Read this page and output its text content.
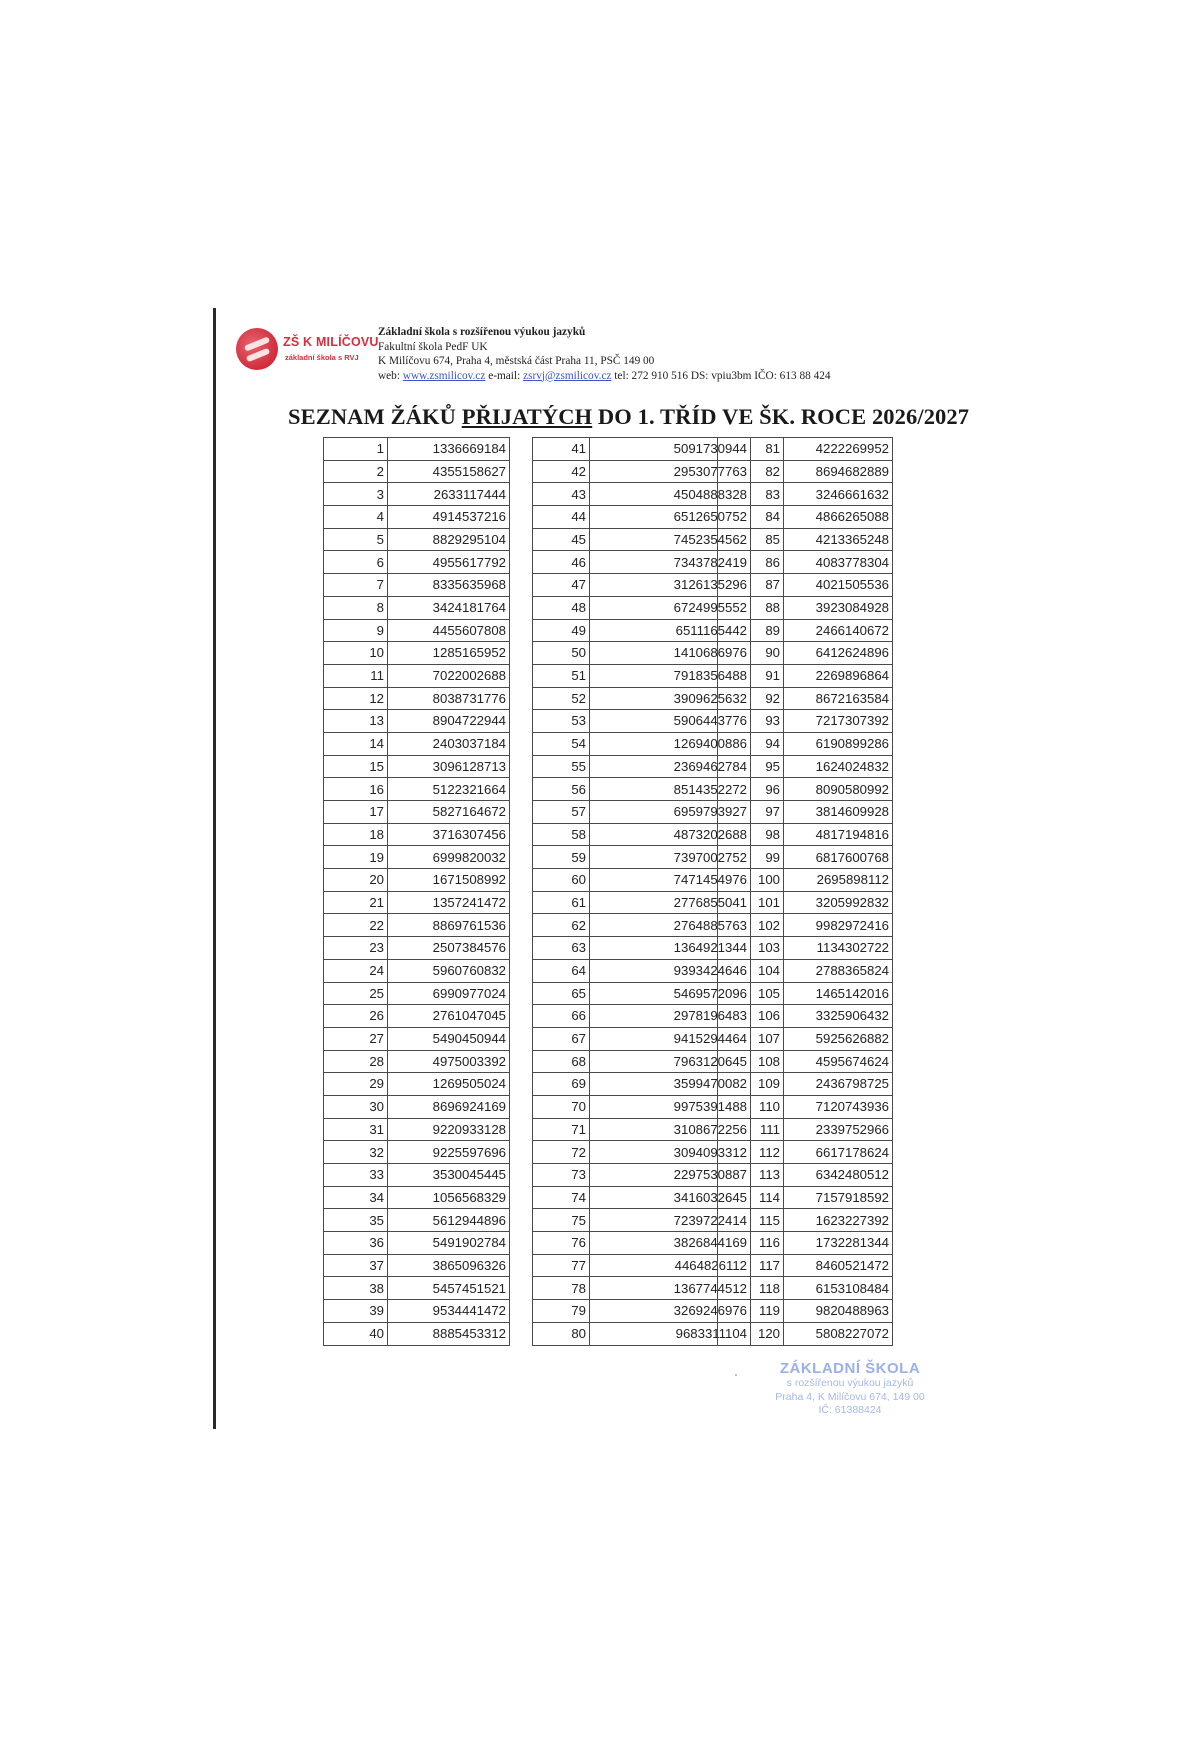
ZŠ K MILÍČOVU
základní škola s RVJ
Základní škola s rozšířenou výukou jazyků
Fakultní škola PedF UK
K Milíčovu 674, Praha 4, městská část Praha 11, PSČ 149 00
web: www.zsmilicov.cz e-mail: zsrvj@zsmilicov.cz tel: 272 910 516 DS: vpiu3bm IČO: 613 88 424
SEZNAM ŽÁKŮ PŘIJATÝCH DO 1. TŘÍD VE ŠK. ROCE 2026/2027
1	1336669184
2	4355158627
3	2633117444
4	4914537216
5	8829295104
6	4955617792
7	8335635968
8	3424181764
9	4455607808
10	1285165952
11	7022002688
12	8038731776
13	8904722944
14	2403037184
15	3096128713
16	5122321664
17	5827164672
18	3716307456
19	6999820032
20	1671508992
21	1357241472
22	8869761536
23	2507384576
24	5960760832
25	6990977024
26	2761047045
27	5490450944
28	4975003392
29	1269505024
30	8696924169
31	9220933128
32	9225597696
33	3530045445
34	1056568329
35	5612944896
36	5491902784
37	3865096326
38	5457451521
39	9534441472
40	8885453312
41	5091730944
42	2953077763
43	4504888328
44	6512650752
45	7452354562
46	7343782419
47	3126135296
48	6724995552
49	6511165442
50	1410686976
51	7918356488
52	3909625632
53	5906443776
54	1269400886
55	2369462784
56	8514352272
57	6959793927
58	4873202688
59	7397002752
60	7471454976
61	2776855041
62	2764885763
63	1364921344
64	9393424646
65	5469572096
66	2978196483
67	9415294464
68	7963120645
69	3599470082
70	9975391488
71	3108672256
72	3094093312
73	2297530887
74	3416032645
75	7239722414
76	3826844169
77	4464826112
78	1367744512
79	3269246976
80	9683311104
81	4222269952
82	8694682889
83	3246661632
84	4866265088
85	4213365248
86	4083778304
87	4021505536
88	3923084928
89	2466140672
90	6412624896
91	2269896864
92	8672163584
93	7217307392
94	6190899286
95	1624024832
96	8090580992
97	3814609928
98	4817194816
99	6817600768
100	2695898112
101	3205992832
102	9982972416
103	1134302722
104	2788365824
105	1465142016
106	3325906432
107	5925626882
108	4595674624
109	2436798725
110	7120743936
111	2339752966
112	6617178624
113	6342480512
114	7157918592
115	1623227392
116	1732281344
117	8460521472
118	6153108484
119	9820488963
120	5808227072
ZÁKLADNÍ ŠKOLA
s rozšířenou výukou jazyků
Praha 4, K Milíčovu 674, 149 00
IČ: 61388424
